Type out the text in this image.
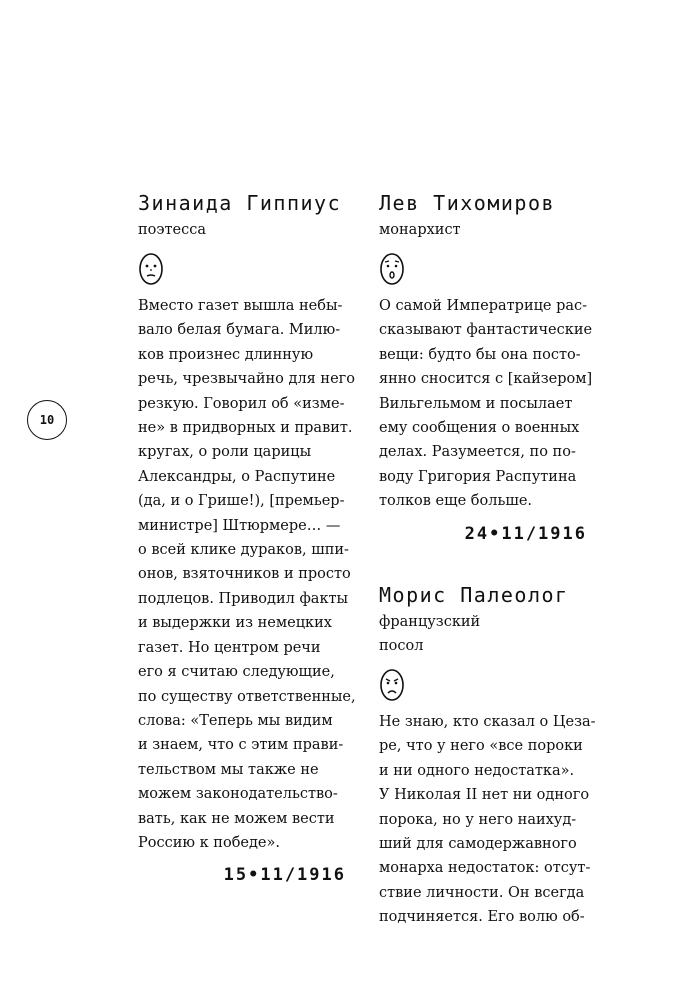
10

Зинаида Гиппиус

поэтесса

Вместо газет вышла небы-
вало белая бумага. Милю-
ков произнес длинную
речь, чрезвычайно для него
резкую. Говорил об «изме-
не» в придворных и правит.
кругах, о роли царицы
Александры, о Распутине
(да, и о Грише!), [премьер-
министре] Штюрмере… —
о всей клике дураков, шпи-
онов, взяточников и просто
подлецов. Приводил факты
и выдержки из немецких
газет. Но центром речи
его я считаю следующие,
по существу ответственные,
слова: «Теперь мы видим
и знаем, что с этим прави-
тельством мы также не
можем законодательство-
вать, как не можем вести
Россию к победе».

15•11/1916

Лев Тихомиров

монархист

О самой Императрице рас-
сказывают фантастические
вещи: будто бы она посто-
янно сносится с [кайзером]
Вильгельмом и посылает
ему сообщения о военных
делах. Разумеется, по по-
воду Григория Распутина
толков еще больше.

24•11/1916

Морис Палеолог

французский

посол

Не знаю, кто сказал о Цеза-
ре, что у него «все пороки
и ни одного недостатка».
У Николая II нет ни одного
порока, но у него наихуд-
ший для самодержавного
монарха недостаток: отсут-
ствие личности. Он всегда
подчиняется. Его волю об-
